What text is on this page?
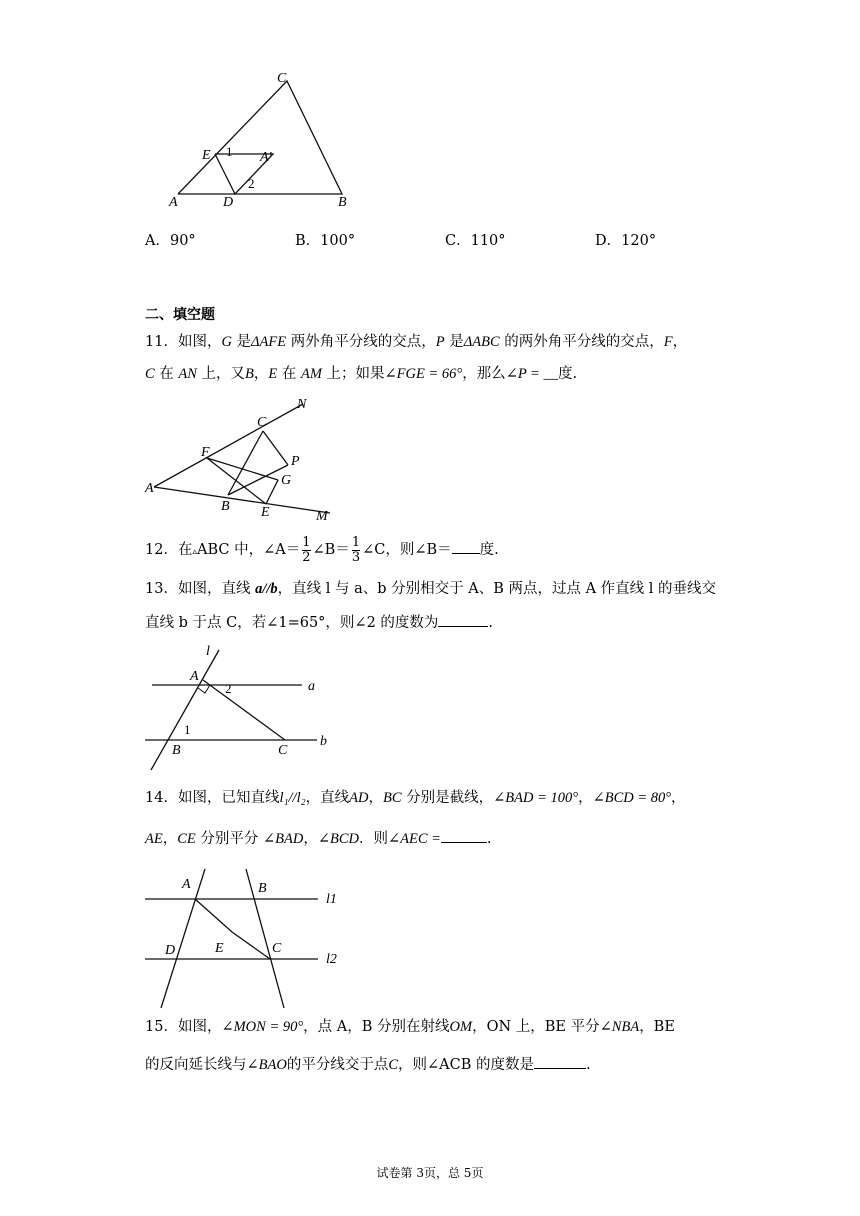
C
E 1 A′
2
A	D	B
A．90°	B．100°	C．110°	D．120°
二、填空题
11．如图，G 是ΔAFE 两外角平分线的交点，P 是ΔABC 的两外角平分线的交点，F，
C 在 AN 上，又B，E 在 AM 上；如果∠FGE = 66°，那么∠P = __度.
N
C
F
P
A
G
B E	M
12．在▵ABC 中，∠A＝ $\frac{1}{2}$ ∠B＝ $\frac{1}{3}$ ∠C，则∠B＝ 度.
13．如图，直线 a//b，直线 l 与 a、b 分别相交于 A、B 两点，过点 A 作直线 l 的垂线交
直线 b 于点 C，若∠1=65°，则∠2 的度数为	.
l
A
2	a
1
B	C
b
14．如图，已知直线l₁//l₂，直线AD，BC 分别是截线，∠BAD = 100°，∠BCD = 80°，
AE，CE 分别平分 ∠BAD，∠BCD．则∠AEC =	.
A	B
l1
E
D	C
l2
15．如图，∠MON = 90°，点 A，B 分别在射线OM，ON 上，BE 平分∠NBA，BE
的反向延长线与∠BAO的平分线交于点C，则∠ACB 的度数是	.
试卷第 3页，总 5页
